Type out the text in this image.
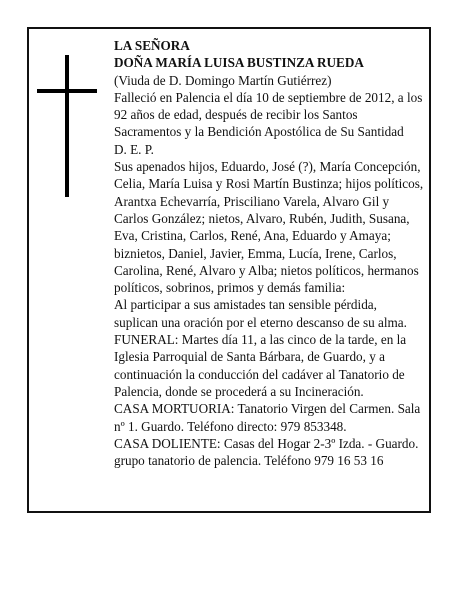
LA SEÑORA

DOÑA MARÍA LUISA BUSTINZA RUEDA

(Viuda de D. Domingo Martín Gutiérrez)

Falleció en Palencia el día 10 de septiembre de 2012, a los 92 años de edad, después de recibir los Santos Sacramentos y la Bendición Apostólica de Su Santidad

D. E. P.

Sus apenados hijos, Eduardo, José (?), María Concepción, Celia, María Luisa y Rosi Martín Bustinza; hijos políticos, Arantxa Echevarría, Prisciliano Varela, Alvaro Gil y Carlos González; nietos, Alvaro, Rubén, Judith, Susana, Eva, Cristina, Carlos, René, Ana, Eduardo y Amaya; biznietos, Daniel, Javier, Emma, Lucía, Irene, Carlos, Carolina, René, Alvaro y Alba; nietos políticos, hermanos políticos, sobrinos, primos y demás familia:

Al participar a sus amistades tan sensible pérdida, suplican una oración por el eterno descanso de su alma.

FUNERAL: Martes día 11, a las cinco de la tarde, en la Iglesia Parroquial de Santa Bárbara, de Guardo, y a continuación la conducción del cadáver al Tanatorio de Palencia, donde se procederá a su Incineración.

CASA MORTUORIA: Tanatorio Virgen del Carmen. Sala nº 1. Guardo. Teléfono directo: 979 853348.

CASA DOLIENTE: Casas del Hogar 2-3º Izda. - Guardo.

grupo tanatorio de palencia. Teléfono 979 16 53 16
